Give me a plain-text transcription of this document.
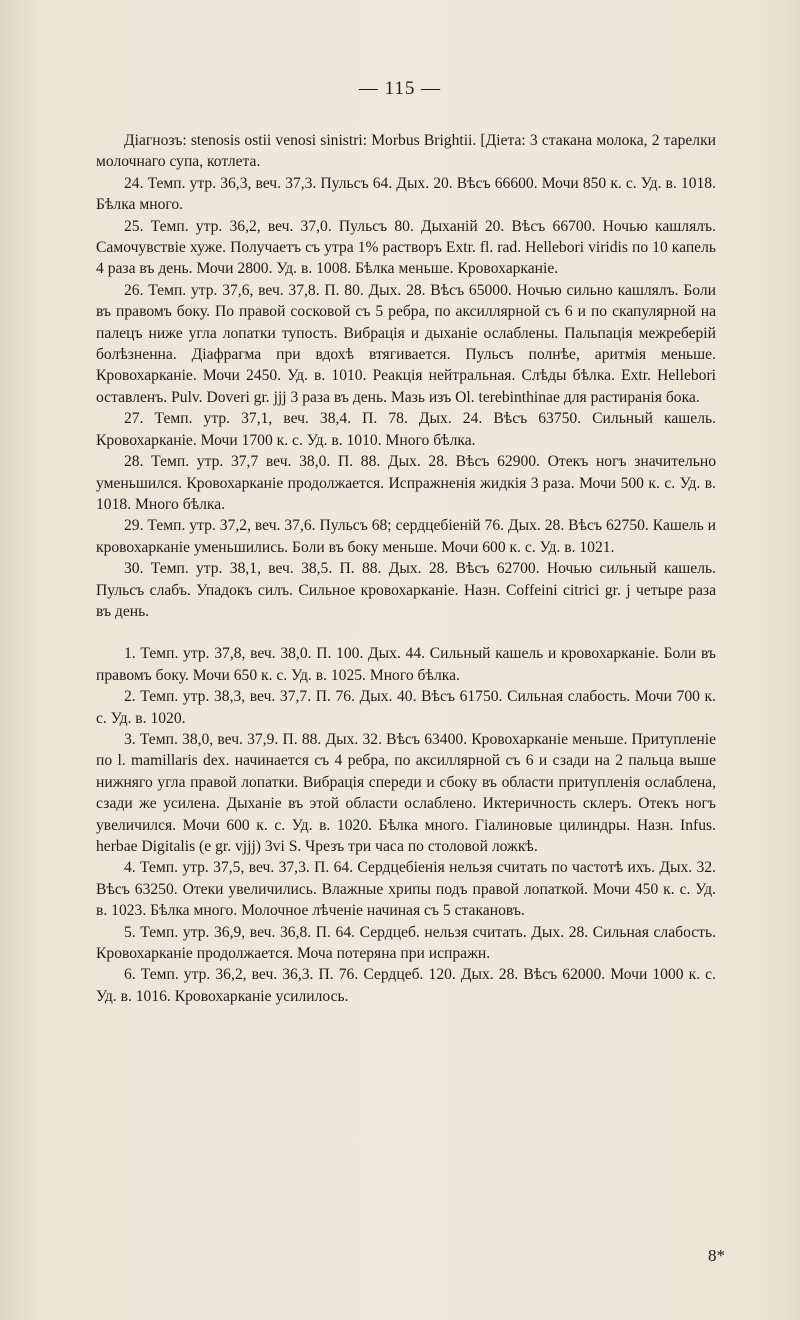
— 115 —

Діагнозъ: stenosis ostii venosi sinistri: Morbus Brightii. [Діета: 3 стакана молока, 2 тарелки молочнаго супа, котлета.

24. Темп. утр. 36,3, веч. 37,3. Пульсъ 64. Дых. 20. Вѣсъ 66600. Мочи 850 к. с. Уд. в. 1018. Бѣлка много.

25. Темп. утр. 36,2, веч. 37,0. Пульсъ 80. Дыханій 20. Вѣсъ 66700. Ночью кашлялъ. Самочувствіе хуже. Получаетъ съ утра 1% растворъ Extr. fl. rad. Hellebori viridis по 10 капель 4 раза въ день. Мочи 2800. Уд. в. 1008. Бѣлка меньше. Кровохарканіе.

26. Темп. утр. 37,6, веч. 37,8. П. 80. Дых. 28. Вѣсъ 65000. Ночью сильно кашлялъ. Боли въ правомъ боку. По правой сосковой съ 5 ребра, по аксиллярной съ 6 и по скапулярной на палецъ ниже угла лопатки тупость. Вибрація и дыханіе ослаблены. Пальпація межреберій болѣзненна. Діафрагма при вдохѣ втягивается. Пульсъ полнѣе, аритмія меньше. Кровохарканіе. Мочи 2450. Уд. в. 1010. Реакція нейтральная. Слѣды бѣлка. Extr. Hellebori оставленъ. Pulv. Doveri gr. jjj 3 раза въ день. Мазь изъ Ol. terebinthinae для растиранія бока.

27. Темп. утр. 37,1, веч. 38,4. П. 78. Дых. 24. Вѣсъ 63750. Сильный кашель. Кровохарканіе. Мочи 1700 к. с. Уд. в. 1010. Много бѣлка.

28. Темп. утр. 37,7 веч. 38,0. П. 88. Дых. 28. Вѣсъ 62900. Отекъ ногъ значительно уменьшился. Кровохарканіе продолжается. Испражненія жидкія 3 раза. Мочи 500 к. с. Уд. в. 1018. Много бѣлка.

29. Темп. утр. 37,2, веч. 37,6. Пульсъ 68; сердцебіеній 76. Дых. 28. Вѣсъ 62750. Кашель и кровохарканіе уменьшились. Боли въ боку меньше. Мочи 600 к. с. Уд. в. 1021.

30. Темп. утр. 38,1, веч. 38,5. П. 88. Дых. 28. Вѣсъ 62700. Ночью сильный кашель. Пульсъ слабъ. Упадокъ силъ. Сильное кровохарканіе. Назн. Coffeini citrici gr. j четыре раза въ день.

1. Темп. утр. 37,8, веч. 38,0. П. 100. Дых. 44. Сильный кашель и кровохарканіе. Боли въ правомъ боку. Мочи 650 к. с. Уд. в. 1025. Много бѣлка.

2. Темп. утр. 38,3, веч. 37,7. П. 76. Дых. 40. Вѣсъ 61750. Сильная слабость. Мочи 700 к. с. Уд. в. 1020.

3. Темп. 38,0, веч. 37,9. П. 88. Дых. 32. Вѣсъ 63400. Кровохарканіе меньше. Притупленіе по l. mamillaris dex. начинается съ 4 ребра, по аксиллярной съ 6 и сзади на 2 пальца выше нижняго угла правой лопатки. Вибрація спереди и сбоку въ области притупленія ослаблена, сзади же усилена. Дыханіе въ этой области ослаблено. Иктеричность склеръ. Отекъ ногъ увеличился. Мочи 600 к. с. Уд. в. 1020. Бѣлка много. Гіалиновые цилиндры. Назн. Infus. herbae Digitalis (e gr. vjjj) 3vi S. Чрезъ три часа по столовой ложкѣ.

4. Темп. утр. 37,5, веч. 37,3. П. 64. Сердцебіенія нельзя считать по частотѣ ихъ. Дых. 32. Вѣсъ 63250. Отеки увеличились. Влажные хрипы подъ правой лопаткой. Мочи 450 к. с. Уд. в. 1023. Бѣлка много. Молочное лѣченіе начиная съ 5 стакановъ.

5. Темп. утр. 36,9, веч. 36,8. П. 64. Сердцеб. нельзя считать. Дых. 28. Сильная слабость. Кровохарканіе продолжается. Моча потеряна при испражн.

6. Темп. утр. 36,2, веч. 36,3. П. 76. Сердцеб. 120. Дых. 28. Вѣсъ 62000. Мочи 1000 к. с. Уд. в. 1016. Кровохарканіе усилилось.

8*
